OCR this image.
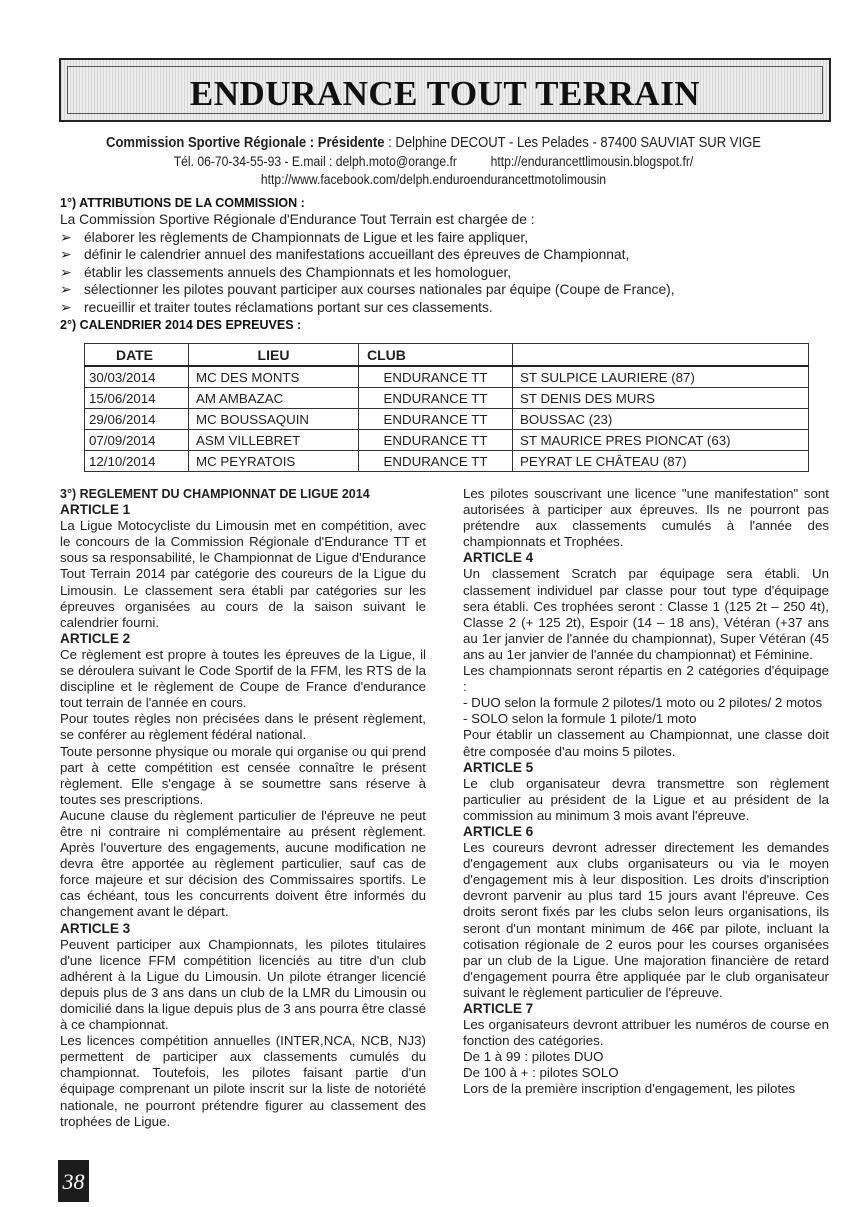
ENDURANCE TOUT TERRAIN
Commission Sportive Régionale : Présidente : Delphine DECOUT - Les Pelades - 87400 SAUVIAT SUR VIGE
Tél. 06-70-34-55-93 - E.mail : delph.moto@orange.fr	http://endurancettlimousin.blogspot.fr/
http://www.facebook.com/delph.enduroendurancettmotolimousin
1°) ATTRIBUTIONS DE LA COMMISSION :
La Commission Sportive Régionale d'Endurance Tout Terrain est chargée de :
➢ élaborer les règlements de Championnats de Ligue et les faire appliquer,
➢ définir le calendrier annuel des manifestations accueillant des épreuves de Championnat,
➢ établir les classements annuels des Championnats et les homologuer,
➢ sélectionner les pilotes pouvant participer aux courses nationales par équipe (Coupe de France),
➢ recueillir et traiter toutes réclamations portant sur ces classements.
2°) CALENDRIER 2014 DES EPREUVES :
DATE	LIEU	CLUB	
30/03/2014	MC DES MONTS	ENDURANCE TT	ST SULPICE LAURIERE (87)
15/06/2014	AM AMBAZAC	ENDURANCE TT	ST DENIS DES MURS
29/06/2014	MC BOUSSAQUIN	ENDURANCE TT	BOUSSAC (23)
07/09/2014	ASM VILLEBRET	ENDURANCE TT	ST MAURICE PRES PIONCAT (63)
12/10/2014	MC PEYRATOIS	ENDURANCE TT	PEYRAT LE CHÂTEAU (87)
3°) REGLEMENT DU CHAMPIONNAT DE LIGUE 2014
ARTICLE 1

La Ligue Motocycliste du Limousin met en compétition, avec le concours de la Commission Régionale d'Endurance TT et sous sa responsabilité, le Championnat de Ligue d'Endurance Tout Terrain 2014 par catégorie des coureurs de la Ligue du Limousin. Le classement sera établi par catégories sur les épreuves organisées au cours de la saison suivant le calendrier fourni.

ARTICLE 2

Ce règlement est propre à toutes les épreuves de la Ligue, il se déroulera suivant le Code Sportif de la FFM, les RTS de la discipline et le règlement de Coupe de France d'endurance tout terrain de l'année en cours.

Pour toutes règles non précisées dans le présent règlement, se conférer au règlement fédéral national.

Toute personne physique ou morale qui organise ou qui prend part à cette compétition est censée connaître le présent règlement. Elle s'engage à se soumettre sans réserve à toutes ses prescriptions.

Aucune clause du règlement particulier de l'épreuve ne peut être ni contraire ni complémentaire au présent règlement. Après l'ouverture des engagements, aucune modification ne devra être apportée au règlement particulier, sauf cas de force majeure et sur décision des Commissaires sportifs. Le cas échéant, tous les concurrents doivent être informés du changement avant le départ.

ARTICLE 3

Peuvent participer aux Championnats, les pilotes titulaires d'une licence FFM compétition licenciés au titre d'un club adhérent à la Ligue du Limousin. Un pilote étranger licencié depuis plus de 3 ans dans un club de la LMR du Limousin ou domicilié dans la ligue depuis plus de 3 ans pourra être classé à ce championnat.

Les licences compétition annuelles (INTER,NCA, NCB, NJ3) permettent de participer aux classements cumulés du championnat. Toutefois, les pilotes faisant partie d'un équipage comprenant un pilote inscrit sur la liste de notoriété nationale, ne pourront prétendre figurer au classement des trophées de Ligue.

Les pilotes souscrivant une licence "une manifestation" sont autorisées à participer aux épreuves. Ils ne pourront pas prétendre aux classements cumulés à l'année des championnats et Trophées.

ARTICLE 4

Un classement Scratch par équipage sera établi. Un classement individuel par classe pour tout type d'équipage sera établi. Ces trophées seront : Classe 1 (125 2t – 250 4t), Classe 2 (+ 125 2t), Espoir (14 – 18 ans), Vétéran (+37 ans au 1er janvier de l'année du championnat), Super Vétéran (45 ans au 1er janvier de l'année du championnat) et Féminine.

Les championnats seront répartis en 2 catégories d'équipage :

- DUO selon la formule 2 pilotes/1 moto ou 2 pilotes/ 2 motos

- SOLO selon la formule 1 pilote/1 moto

Pour établir un classement au Championnat, une classe doit être composée d'au moins 5 pilotes.

ARTICLE 5

Le club organisateur devra transmettre son règlement particulier au président de la Ligue et au président de la commission au minimum 3 mois avant l'épreuve.

ARTICLE 6

Les coureurs devront adresser directement les demandes d'engagement aux clubs organisateurs ou via le moyen d'engagement mis à leur disposition. Les droits d'inscription devront parvenir au plus tard 15 jours avant l'épreuve. Ces droits seront fixés par les clubs selon leurs organisations, ils seront d'un montant minimum de 46€ par pilote, incluant la cotisation régionale de 2 euros pour les courses organisées par un club de la Ligue. Une majoration financière de retard d'engagement pourra être appliquée par le club organisateur suivant le règlement particulier de l'épreuve.

ARTICLE 7

Les organisateurs devront attribuer les numéros de course en fonction des catégories.

De 1 à 99 : pilotes DUO

De 100 à + : pilotes SOLO

Lors de la première inscription d'engagement, les pilotes

38
